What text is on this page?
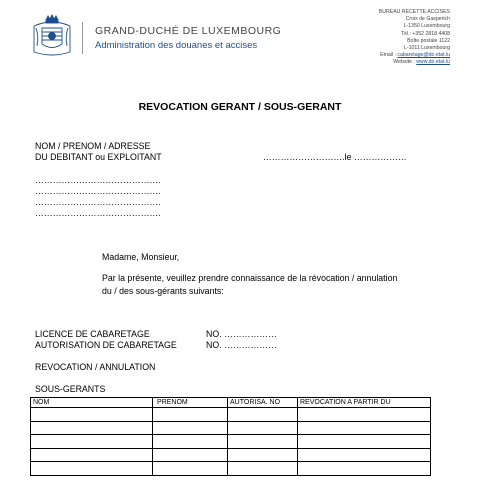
GRAND-DUCHÉ DE LUXEMBOURG
Administration des douanes et accises
BUREAU RECETTE ACCISES
Croix de Gasperich
L-1350 Luxembourg
Tél.: +352 2818 4408
Boîte postale 1122
L-1011 Luxembourg
Email : cabaretage@do.etat.lu
Website : www.do.etat.lu
REVOCATION GERANT / SOUS-GERANT
NOM / PRENOM / ADRESSE
DU DEBITANT ou EXPLOITANT	……………………….le ………………
…………………………………….
…………………………………….
…………………………………….
…………………………………….
Madame, Monsieur,
Par la présente, veuillez prendre connaissance de la révocation / annulation
du / des sous-gérants suivants:
LICENCE DE CABARETAGE	NO. ………………
AUTORISATION DE CABARETAGE	NO. ………………
REVOCATION / ANNULATION
SOUS-GERANTS
NOM	PRENOM	AUTORISA. NO	REVOCATION A PARTIR DU
